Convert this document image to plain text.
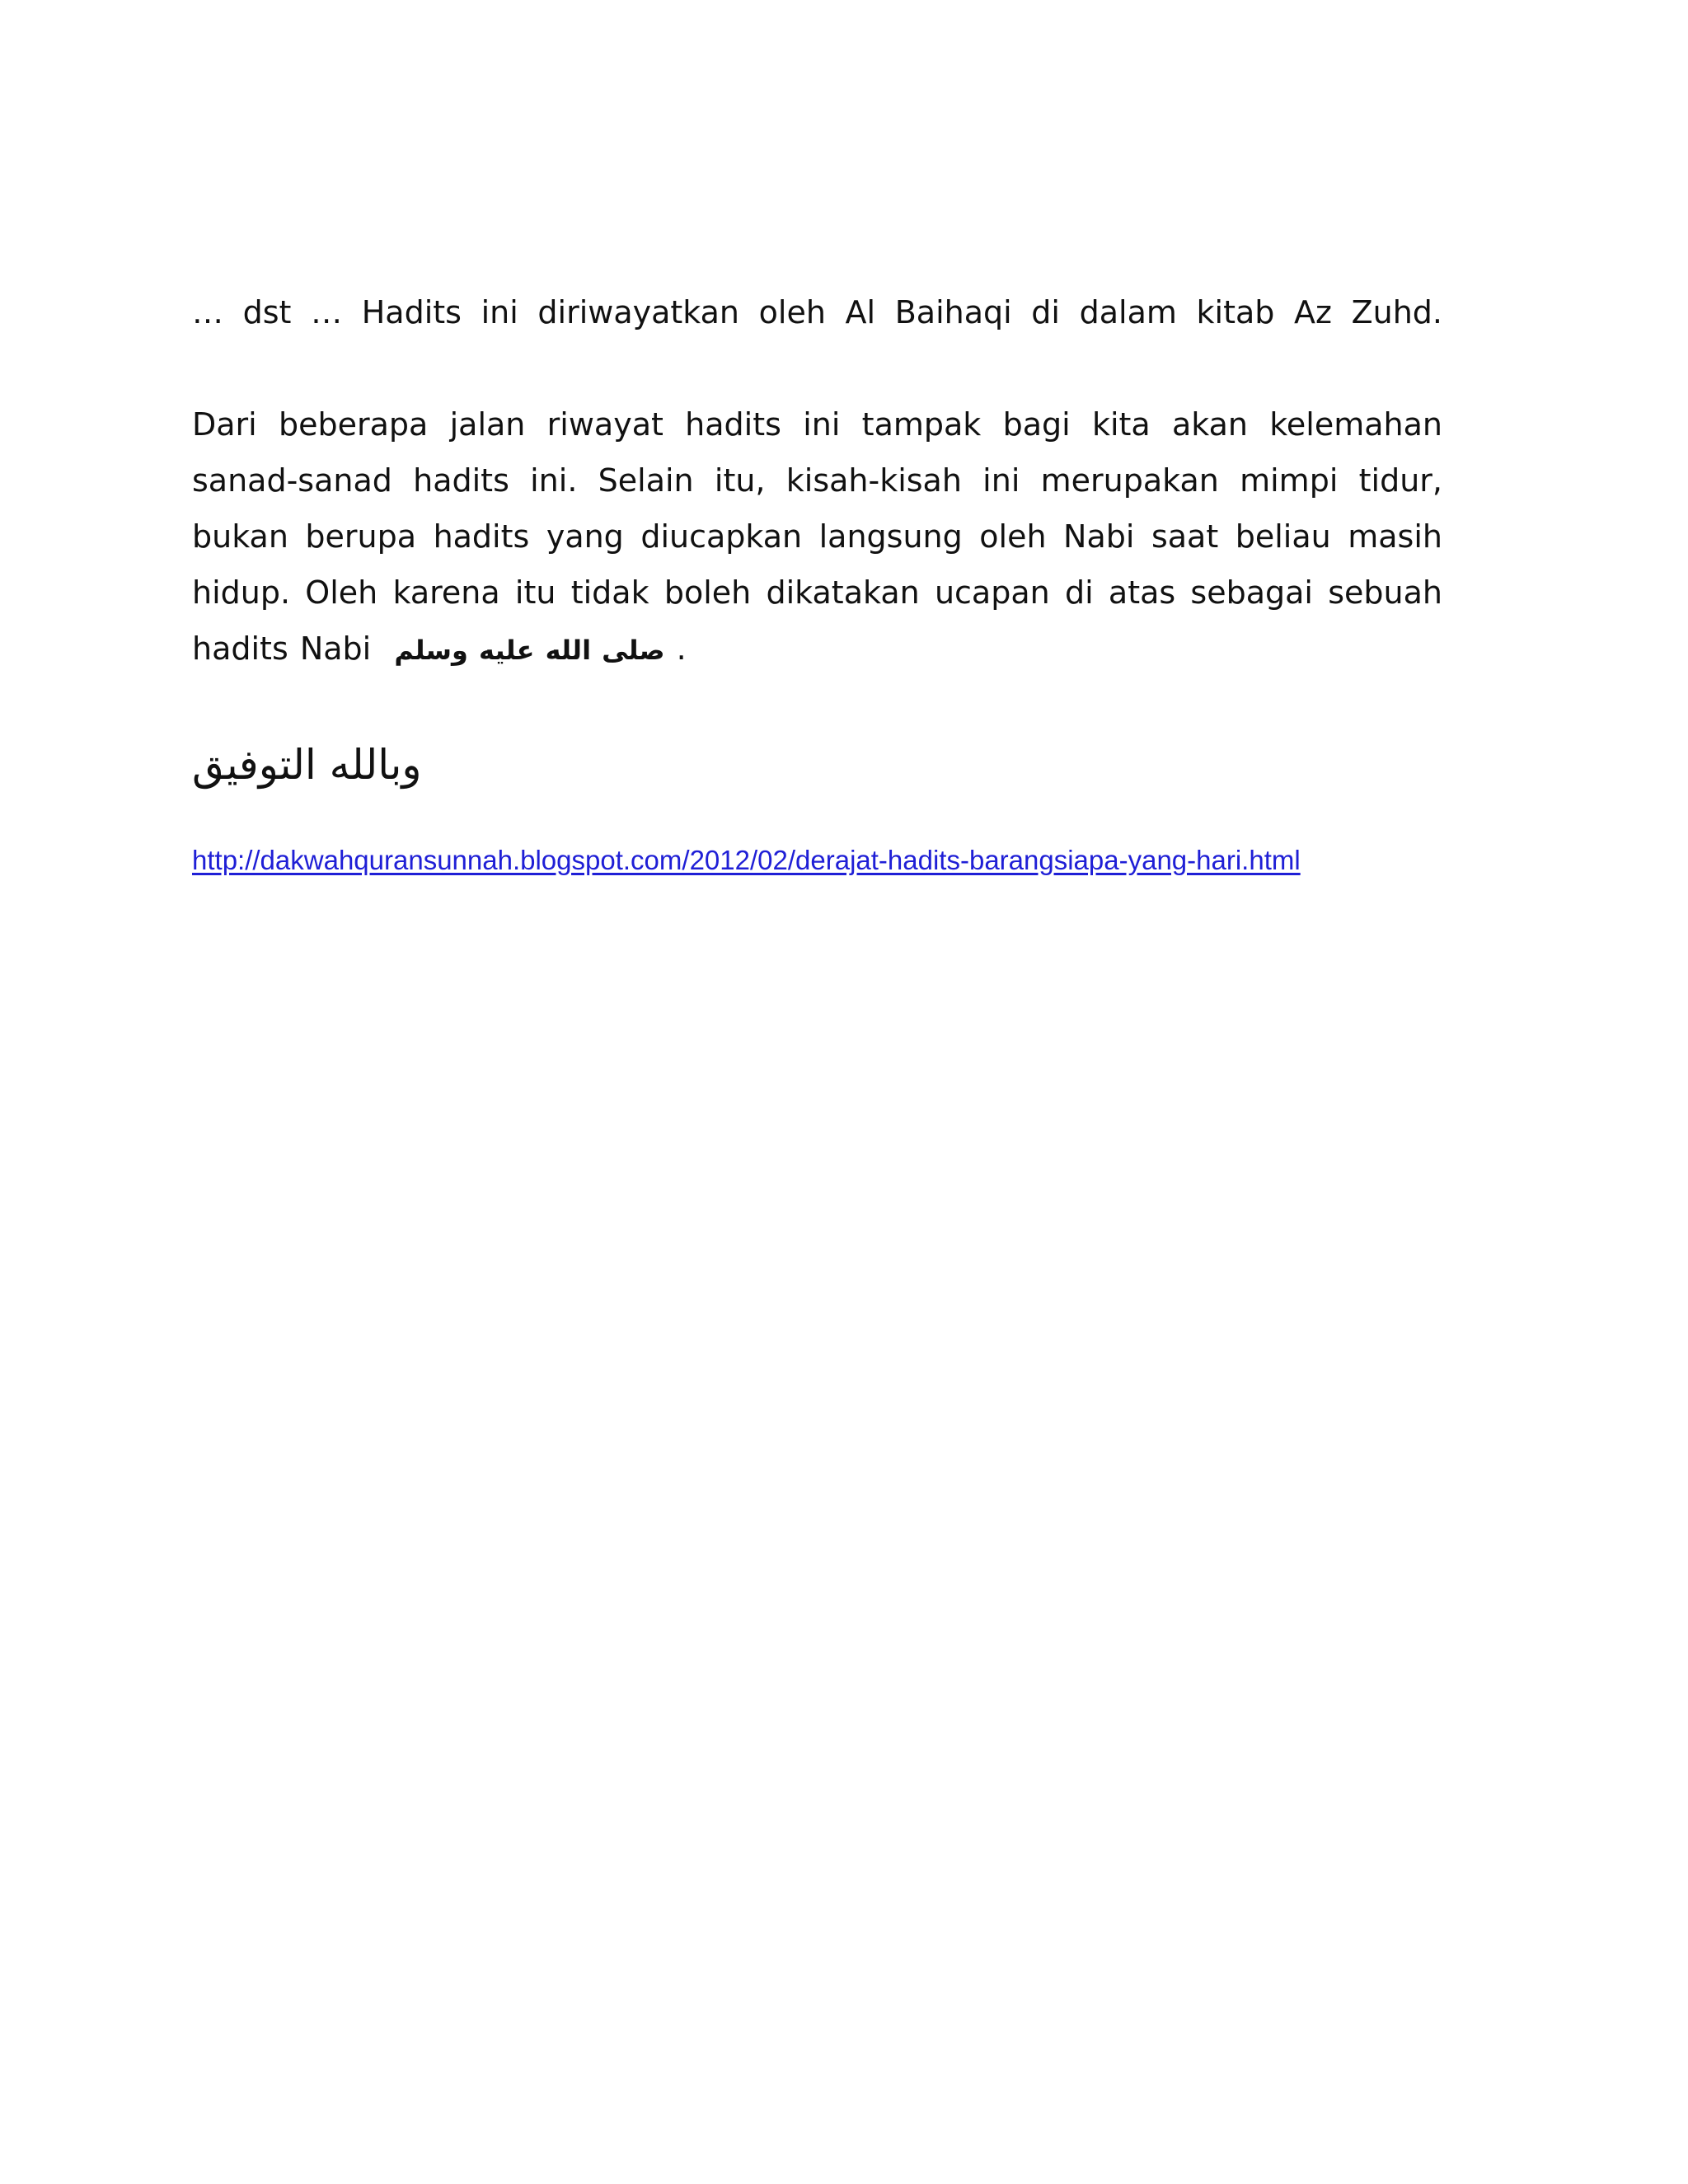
… dst … Hadits ini diriwayatkan oleh Al Baihaqi di dalam kitab Az Zuhd.

Dari beberapa jalan riwayat hadits ini tampak bagi kita akan kelemahan sanad-sanad hadits ini. Selain itu, kisah-kisah ini merupakan mimpi tidur, bukan berupa hadits yang diucapkan langsung oleh Nabi saat beliau masih hidup. Oleh karena itu tidak boleh dikatakan ucapan di atas sebagai sebuah hadits Nabi صلى الله عليه وسلم .

وبالله التوفيق
http://dakwahquransunnah.blogspot.com/2012/02/derajat-hadits-barangsiapa-yang-hari.html
